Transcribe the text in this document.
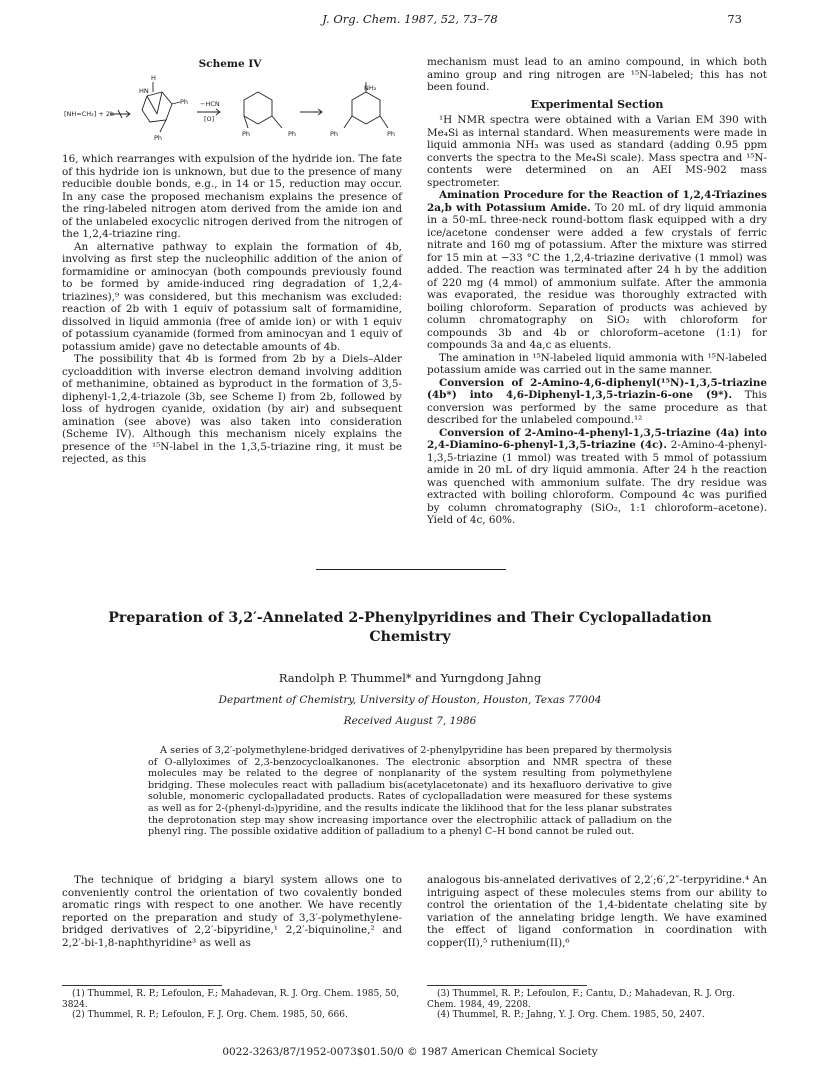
J. Org. Chem. 1987, 52, 73–78	73
Scheme IV
[NH=CH₂] + 2b
−HCN
[O]
Ph
Ph	Ph	Ph	Ph	Ph
NH₂
H
HN

16, which rearranges with expulsion of the hydride ion. The fate of this hydride ion is unknown, but due to the presence of many reducible double bonds, e.g., in 14 or 15, reduction may occur. In any case the proposed mechanism explains the presence of the ring-labeled nitrogen atom derived from the amide ion and of the unlabeled exocyclic nitrogen derived from the nitrogen of the 1,2,4-triazine ring.

An alternative pathway to explain the formation of 4b, involving as first step the nucleophilic addition of the anion of formamidine or aminocyan (both compounds previously found to be formed by amide-induced ring degradation of 1,2,4-triazines),⁹ was considered, but this mechanism was excluded: reaction of 2b with 1 equiv of potassium salt of formamidine, dissolved in liquid ammonia (free of amide ion) or with 1 equiv of potassium cyanamide (formed from aminocyan and 1 equiv of potassium amide) gave no detectable amounts of 4b.

The possibility that 4b is formed from 2b by a Diels–Alder cycloaddition with inverse electron demand involving addition of methanimine, obtained as byproduct in the formation of 3,5-diphenyl-1,2,4-triazole (3b, see Scheme I) from 2b, followed by loss of hydrogen cyanide, oxidation (by air) and subsequent amination (see above) was also taken into consideration (Scheme IV). Although this mechanism nicely explains the presence of the ¹⁵N-label in the 1,3,5-triazine ring, it must be rejected, as this

mechanism must lead to an amino compound, in which both amino group and ring nitrogen are ¹⁵N-labeled; this has not been found.

Experimental Section

¹H NMR spectra were obtained with a Varian EM 390 with Me₄Si as internal standard. When measurements were made in liquid ammonia NH₃ was used as standard (adding 0.95 ppm converts the spectra to the Me₄Si scale). Mass spectra and ¹⁵N-contents were determined on an AEI MS-902 mass spectrometer.

Amination Procedure for the Reaction of 1,2,4-Triazines 2a,b with Potassium Amide. To 20 mL of dry liquid ammonia in a 50-mL three-neck round-bottom flask equipped with a dry ice/acetone condenser were added a few crystals of ferric nitrate and 160 mg of potassium. After the mixture was stirred for 15 min at −33 °C the 1,2,4-triazine derivative (1 mmol) was added. The reaction was terminated after 24 h by the addition of 220 mg (4 mmol) of ammonium sulfate. After the ammonia was evaporated, the residue was thoroughly extracted with boiling chloroform. Separation of products was achieved by column chromatography on SiO₂ with chloroform for compounds 3b and 4b or chloroform–acetone (1:1) for compounds 3a and 4a,c as eluents.

The amination in ¹⁵N-labeled liquid ammonia with ¹⁵N-labeled potassium amide was carried out in the same manner.

Conversion of 2-Amino-4,6-diphenyl(¹⁵N)-1,3,5-triazine (4b*) into 4,6-Diphenyl-1,3,5-triazin-6-one (9*). This conversion was performed by the same procedure as that described for the unlabeled compound.¹²

Conversion of 2-Amino-4-phenyl-1,3,5-triazine (4a) into 2,4-Diamino-6-phenyl-1,3,5-triazine (4c). 2-Amino-4-phenyl-1,3,5-triazine (1 mmol) was treated with 5 mmol of potassium amide in 20 mL of dry liquid ammonia. After 24 h the reaction was quenched with ammonium sulfate. The dry residue was extracted with boiling chloroform. Compound 4c was purified by column chromatography (SiO₂, 1:1 chloroform–acetone). Yield of 4c, 60%.

Preparation of 3,2′-Annelated 2-Phenylpyridines and Their Cyclopalladation Chemistry
Randolph P. Thummel* and Yurngdong Jahng
Department of Chemistry, University of Houston, Houston, Texas 77004
Received August 7, 1986

A series of 3,2′-polymethylene-bridged derivatives of 2-phenylpyridine has been prepared by thermolysis of O-allyloximes of 2,3-benzocycloalkanones. The electronic absorption and NMR spectra of these molecules may be related to the degree of nonplanarity of the system resulting from polymethylene bridging. These molecules react with palladium bis(acetylacetonate) and its hexafluoro derivative to give soluble, monomeric cyclopalladated products. Rates of cyclopalladation were measured for these systems as well as for 2-(phenyl-d₅)pyridine, and the results indicate the liklihood that for the less planar substrates the deprotonation step may show increasing importance over the electrophilic attack of palladium on the phenyl ring. The possible oxidative addition of palladium to a phenyl C–H bond cannot be ruled out.

The technique of bridging a biaryl system allows one to conveniently control the orientation of two covalently bonded aromatic rings with respect to one another. We have recently reported on the preparation and study of 3,3′-polymethylene-bridged derivatives of 2,2′-bipyridine,¹ 2,2′-biquinoline,² and 2,2′-bi-1,8-naphthyridine³ as well as

analogous bis-annelated derivatives of 2,2′;6′,2″-terpyridine.⁴ An intriguing aspect of these molecules stems from our ability to control the orientation of the 1,4-bidentate chelating site by variation of the annelating bridge length. We have examined the effect of ligand conformation in coordination with copper(II),⁵ ruthenium(II),⁶

(1) Thummel, R. P.; Lefoulon, F.; Mahadevan, R. J. Org. Chem. 1985, 50, 3824.

(2) Thummel, R. P.; Lefoulon, F. J. Org. Chem. 1985, 50, 666.

(3) Thummel, R. P.; Lefoulon, F.; Cantu, D.; Mahadevan, R. J. Org. Chem. 1984, 49, 2208.

(4) Thummel, R. P.; Jahng, Y. J. Org. Chem. 1985, 50, 2407.

0022-3263/87/1952-0073$01.50/0 © 1987 American Chemical Society
